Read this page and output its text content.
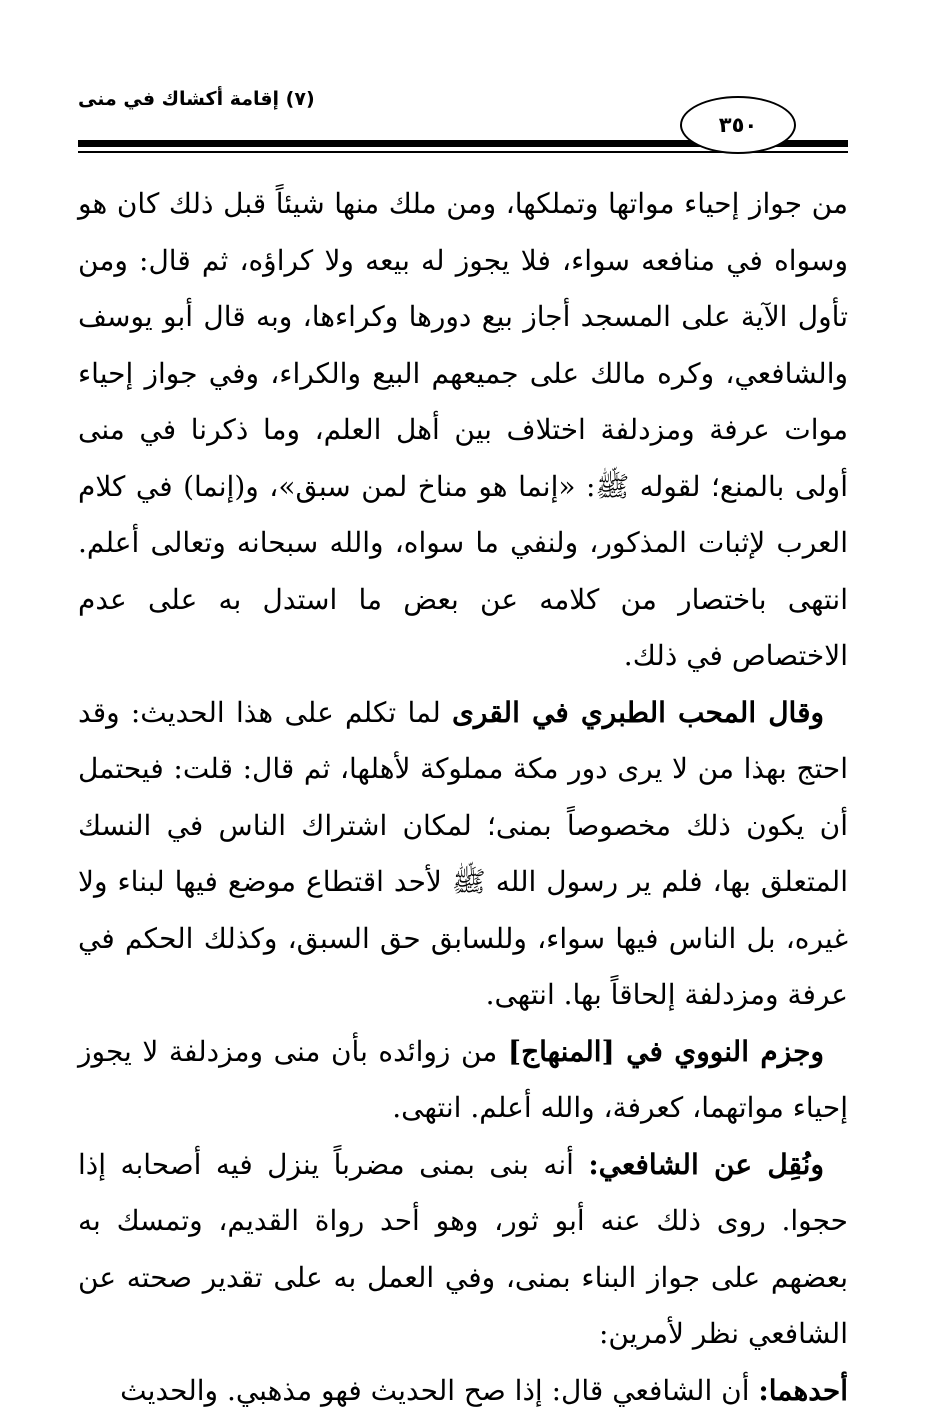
(٧) إقامة أكشاك في منى
٣٥٠

من جواز إحياء مواتها وتملكها، ومن ملك منها شيئاً قبل ذلك كان هو وسواه في منافعه سواء، فلا يجوز له بيعه ولا كراؤه، ثم قال: ومن تأول الآية على المسجد أجاز بيع دورها وكراءها، وبه قال أبو يوسف والشافعي، وكره مالك على جميعهم البيع والكراء، وفي جواز إحياء موات عرفة ومزدلفة اختلاف بين أهل العلم، وما ذكرنا في منى أولى بالمنع؛ لقوله ﷺ: «إنما هو مناخ لمن سبق»، و(إنما) في كلام العرب لإثبات المذكور، ولنفي ما سواه، والله سبحانه وتعالى أعلم. انتهى باختصار من كلامه عن بعض ما استدل به على عدم الاختصاص في ذلك.

وقال المحب الطبري في القرى لما تكلم على هذا الحديث: وقد احتج بهذا من لا يرى دور مكة مملوكة لأهلها، ثم قال: قلت: فيحتمل أن يكون ذلك مخصوصاً بمنى؛ لمكان اشتراك الناس في النسك المتعلق بها، فلم ير رسول الله ﷺ لأحد اقتطاع موضع فيها لبناء ولا غيره، بل الناس فيها سواء، وللسابق حق السبق، وكذلك الحكم في عرفة ومزدلفة إلحاقاً بها. انتهى.

وجزم النووي في [المنهاج] من زوائده بأن منى ومزدلفة لا يجوز إحياء مواتهما، كعرفة، والله أعلم. انتهى.

ونُقِل عن الشافعي: أنه بنى بمنى مضرباً ينزل فيه أصحابه إذا حجوا. روى ذلك عنه أبو ثور، وهو أحد رواة القديم، وتمسك به بعضهم على جواز البناء بمنى، وفي العمل به على تقدير صحته عن الشافعي نظر لأمرين:

أحدهما: أن الشافعي قال: إذا صح الحديث فهو مذهبي. والحديث
